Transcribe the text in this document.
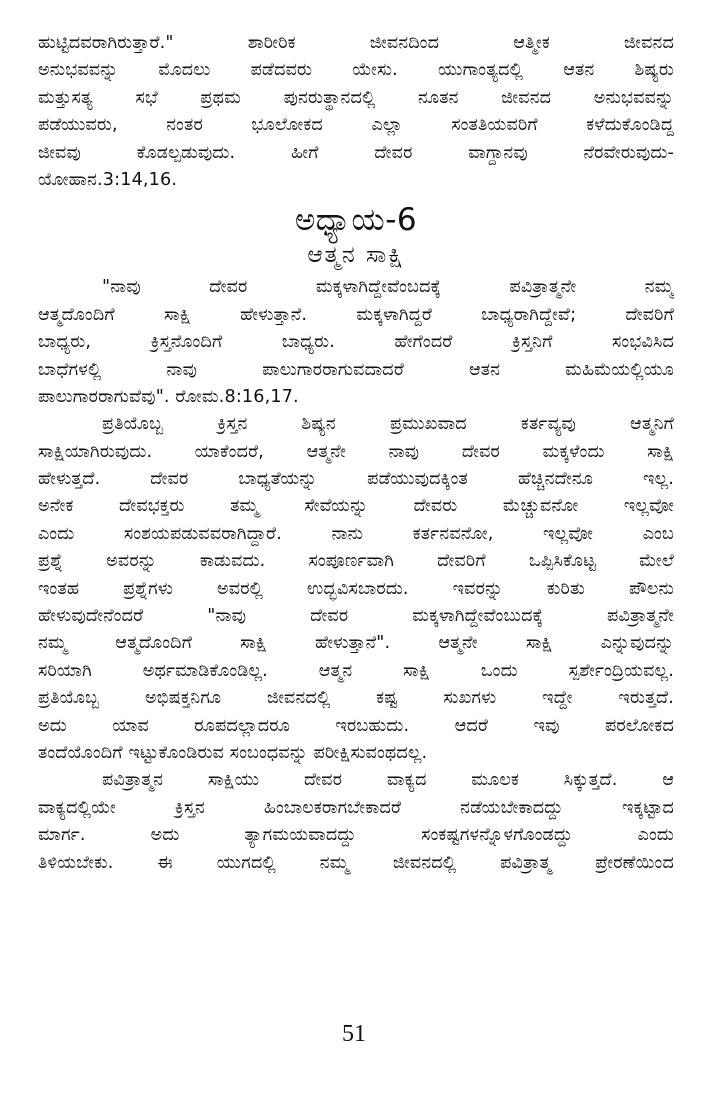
ಹುಟ್ಟಿದವರಾಗಿರುತ್ತಾರೆ." ಶಾರೀರಿಕ ಜೀವನದಿಂದ ಆತ್ಮೀಕ ಜೀವನದ
ಅನುಭವವನ್ನು ಮೊದಲು ಪಡೆದವರು ಯೇಸು. ಯುಗಾಂತ್ಯದಲ್ಲಿ ಆತನ ಶಿಷ್ಯರು
ಮತ್ತುಸತ್ಯ ಸಭೆ ಪ್ರಥಮ ಪುನರುತ್ಥಾನದಲ್ಲಿ ನೂತನ ಜೀವನದ ಅನುಭವವನ್ನು
ಪಡೆಯುವರು, ನಂತರ ಭೂಲೋಕದ ಎಲ್ಲಾ ಸಂತತಿಯವರಿಗೆ ಕಳೆದುಕೊಂಡಿದ್ದ
ಜೀವವು ಕೊಡಲ್ಪಡುವುದು. ಹೀಗೆ ದೇವರ ವಾಗ್ದಾನವು ನೆರವೇರುವುದು-
ಯೋಹಾನ.3:14,16.
ಅಧ್ಯಾಯ-6
ಆತ್ಮನ ಸಾಕ್ಷಿ
"ನಾವು ದೇವರ ಮಕ್ಕಳಾಗಿದ್ದೇವೆಂಬದಕ್ಕೆ ಪವಿತ್ರಾತ್ಮನೇ ನಮ್ಮ
ಆತ್ಮದೊಂದಿಗೆ ಸಾಕ್ಷಿ ಹೇಳುತ್ತಾನೆ. ಮಕ್ಕಳಾಗಿದ್ದರೆ ಬಾಧ್ಯರಾಗಿದ್ದೇವೆ; ದೇವರಿಗೆ
ಬಾಧ್ಯರು, ಕ್ರಿಸ್ತನೊಂದಿಗೆ ಬಾಧ್ಯರು. ಹೇಗೆಂದರೆ ಕ್ರಿಸ್ತನಿಗೆ ಸಂಭವಿಸಿದ
ಬಾಧೆಗಳಲ್ಲಿ ನಾವು ಪಾಲುಗಾರರಾಗುವದಾದರೆ ಆತನ ಮಹಿಮೆಯಲ್ಲಿಯೂ
ಪಾಲುಗಾರರಾಗುವೆವು". ರೋಮ.8:16,17.
ಪ್ರತಿಯೊಬ್ಬ ಕ್ರಿಸ್ತನ ಶಿಷ್ಯನ ಪ್ರಮುಖವಾದ ಕರ್ತವ್ಯವು ಆತ್ಮನಿಗೆ
ಸಾಕ್ಷಿಯಾಗಿರುವುದು. ಯಾಕೆಂದರೆ, ಆತ್ಮನೇ ನಾವು ದೇವರ ಮಕ್ಕಳೆಂದು ಸಾಕ್ಷಿ
ಹೇಳುತ್ತದೆ. ದೇವರ ಬಾಧ್ಯತೆಯನ್ನು ಪಡೆಯುವುದಕ್ಕಿಂತ ಹೆಚ್ಚಿನದೇನೂ ಇಲ್ಲ.
ಅನೇಕ ದೇವಭಕ್ತರು ತಮ್ಮ ಸೇವೆಯನ್ನು ದೇವರು ಮೆಚ್ಚುವನೋ ಇಲ್ಲವೋ
ಎಂದು ಸಂಶಯಪಡುವವರಾಗಿದ್ದಾರೆ. ನಾನು ಕರ್ತನವನೋ, ಇಲ್ಲವೋ ಎಂಬ
ಪ್ರಶ್ನೆ ಅವರನ್ನು ಕಾಡುವದು. ಸಂಪೂರ್ಣವಾಗಿ ದೇವರಿಗೆ ಒಪ್ಪಿಸಿಕೊಟ್ಟ ಮೇಲೆ
ಇಂತಹ ಪ್ರಶ್ನೆಗಳು ಅವರಲ್ಲಿ ಉದ್ಭವಿಸಬಾರದು. ಇವರನ್ನು ಕುರಿತು ಪೌಲನು
ಹೇಳುವುದೇನೆಂದರೆ "ನಾವು ದೇವರ ಮಕ್ಕಳಾಗಿದ್ದೇವೆಂಬುದಕ್ಕೆ ಪವಿತ್ರಾತ್ಮನೇ
ನಮ್ಮ ಆತ್ಮದೊಂದಿಗೆ ಸಾಕ್ಷಿ ಹೇಳುತ್ತಾನೆ". ಆತ್ಮನೇ ಸಾಕ್ಷಿ ಎನ್ನುವುದನ್ನು
ಸರಿಯಾಗಿ ಅರ್ಥಮಾಡಿಕೊಂಡಿಲ್ಲ. ಆತ್ಮನ ಸಾಕ್ಷಿ ಒಂದು ಸ್ಪರ್ಶೇಂದ್ರಿಯವಲ್ಲ.
ಪ್ರತಿಯೊಬ್ಬ ಅಭಿಷಕ್ತನಿಗೂ ಜೀವನದಲ್ಲಿ ಕಷ್ಟ ಸುಖಗಳು ಇದ್ದೇ ಇರುತ್ತದೆ.
ಅದು ಯಾವ ರೂಪದಲ್ಲಾದರೂ ಇರಬಹುದು. ಆದರೆ ಇವು ಪರಲೋಕದ
ತಂದೆಯೊಂದಿಗೆ ಇಟ್ಟುಕೊಂಡಿರುವ ಸಂಬಂಧವನ್ನು ಪರೀಕ್ಷಿಸುವಂಥದಲ್ಲ.
ಪವಿತ್ರಾತ್ಮನ ಸಾಕ್ಷಿಯು ದೇವರ ವಾಕ್ಯದ ಮೂಲಕ ಸಿಕ್ಕುತ್ತದೆ. ಆ
ವಾಕ್ಯದಲ್ಲಿಯೇ ಕ್ರಿಸ್ತನ ಹಿಂಬಾಲಕರಾಗಬೇಕಾದರೆ ನಡೆಯಬೇಕಾದದ್ದು ಇಕ್ಕಟ್ಟಾದ
ಮಾರ್ಗ. ಅದು ತ್ಯಾಗಮಯವಾದದ್ದು ಸಂಕಷ್ಟಗಳನ್ನೊಳಗೊಂಡದ್ದು ಎಂದು
ತಿಳಿಯಬೇಕು. ಈ ಯುಗದಲ್ಲಿ ನಮ್ಮ ಜೀವನದಲ್ಲಿ ಪವಿತ್ರಾತ್ಮ ಪ್ರೇರಣೆಯಿಂದ
51
